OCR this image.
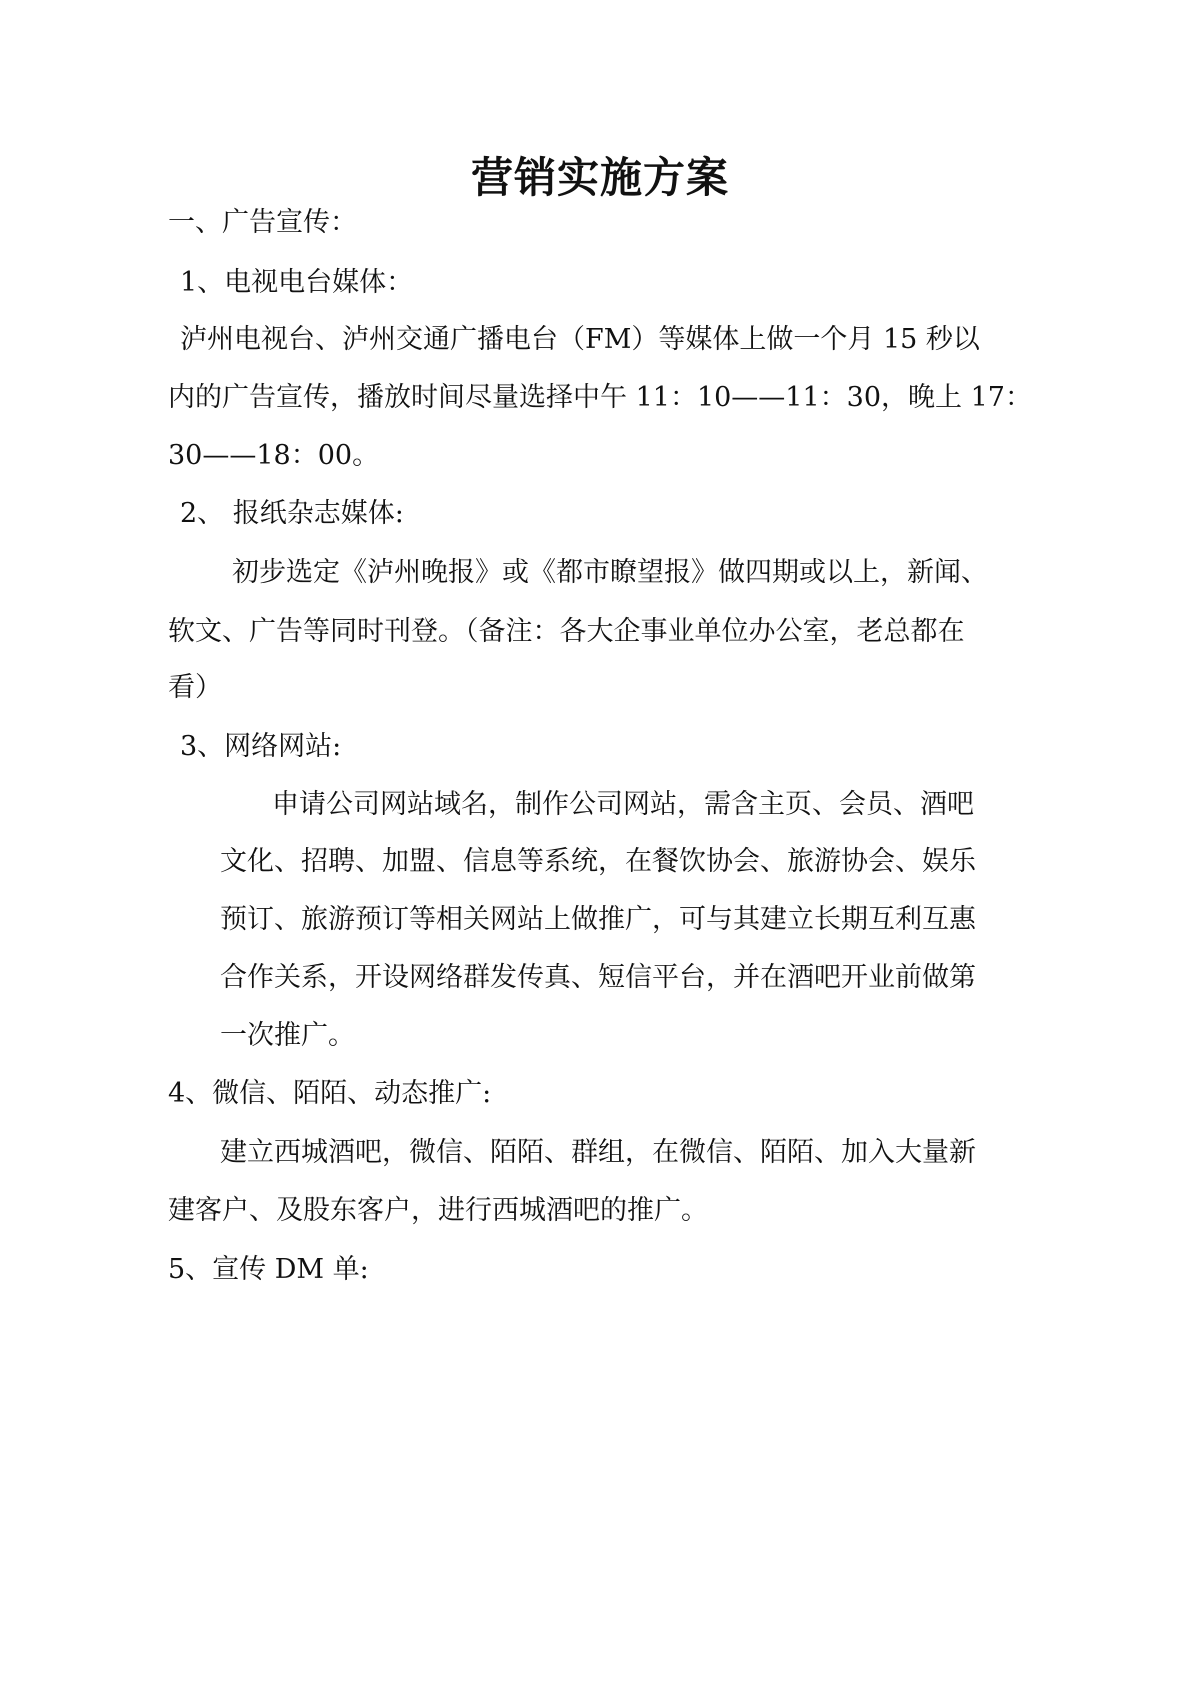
营销实施方案
一、广告宣传：
1、电视电台媒体：
泸州电视台、泸州交通广播电台（FM）等媒体上做一个月 15 秒以
内的广告宣传，播放时间尽量选择中午 11：10——11：30，晚上 17：
30——18：00。
2、 报纸杂志媒体:
初步选定《泸州晚报》或《都市瞭望报》做四期或以上，新闻、
软文、广告等同时刊登。（备注：各大企事业单位办公室，老总都在
看）
3、网络网站:
申请公司网站域名，制作公司网站，需含主页、会员、酒吧
文化、招聘、加盟、信息等系统，在餐饮协会、旅游协会、娱乐
预订、旅游预订等相关网站上做推广，可与其建立长期互利互惠
合作关系，开设网络群发传真、短信平台，并在酒吧开业前做第
一次推广。
4、微信、陌陌、动态推广:
建立西城酒吧，微信、陌陌、群组，在微信、陌陌、加入大量新
建客户、及股东客户，进行西城酒吧的推广。
5、宣传 DM 单:
